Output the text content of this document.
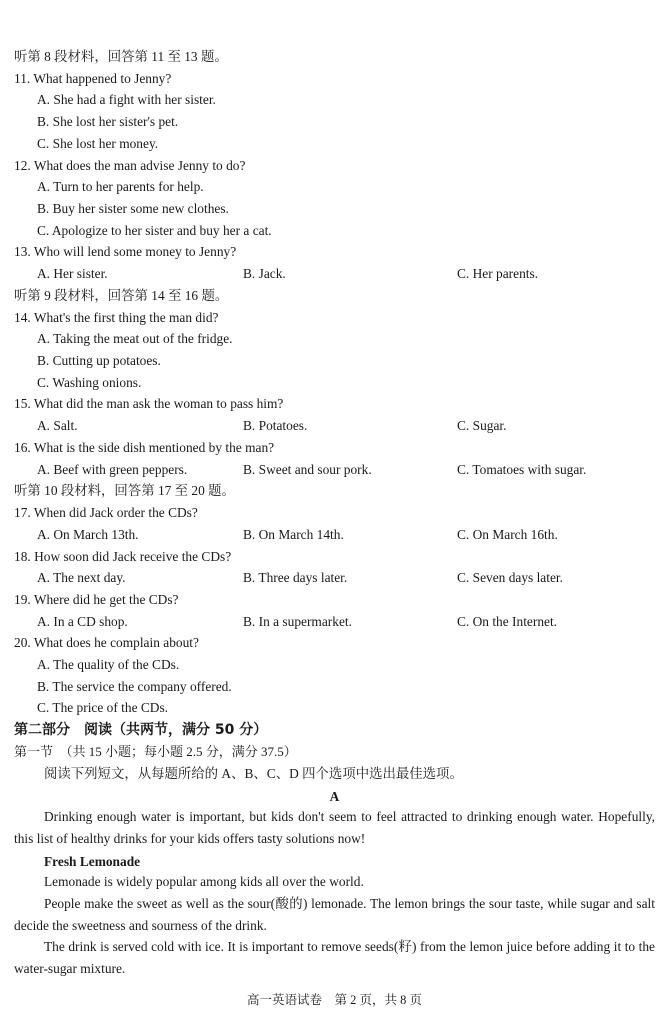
听第 8 段材料，回答第 11 至 13 题。
11. What happened to Jenny?
A. She had a fight with her sister.
B. She lost her sister's pet.
C. She lost her money.
12. What does the man advise Jenny to do?
A. Turn to her parents for help.
B. Buy her sister some new clothes.
C. Apologize to her sister and buy her a cat.
13. Who will lend some money to Jenny?
A. Her sister.	B. Jack.	C. Her parents.
听第 9 段材料，回答第 14 至 16 题。
14. What's the first thing the man did?
A. Taking the meat out of the fridge.
B. Cutting up potatoes.
C. Washing onions.
15. What did the man ask the woman to pass him?
A. Salt.	B. Potatoes.	C. Sugar.
16. What is the side dish mentioned by the man?
A. Beef with green peppers.	B. Sweet and sour pork.	C. Tomatoes with sugar.
听第 10 段材料，回答第 17 至 20 题。
17. When did Jack order the CDs?
A. On March 13th.	B. On March 14th.	C. On March 16th.
18. How soon did Jack receive the CDs?
A. The next day.	B. Three days later.	C. Seven days later.
19. Where did he get the CDs?
A. In a CD shop.	B. In a supermarket.	C. On the Internet.
20. What does he complain about?
A. The quality of the CDs.
B. The service the company offered.
C. The price of the CDs.
第二部分　阅读（共两节，满分 50 分）
第一节　（共 15 小题；每小题 2.5 分，满分 37.5）
阅读下列短文，从每题所给的 A、B、C、D 四个选项中选出最佳选项。
A
Drinking enough water is important, but kids don't seem to feel attracted to drinking enough water. Hopefully, this list of healthy drinks for your kids offers tasty solutions now!
Fresh Lemonade
Lemonade is widely popular among kids all over the world.
People make the sweet as well as the sour(酸的) lemonade. The lemon brings the sour taste, while sugar and salt decide the sweetness and sourness of the drink.
The drink is served cold with ice. It is important to remove seeds(籽) from the lemon juice before adding it to the water-sugar mixture.
高一英语试卷　第 2 页，共 8 页
